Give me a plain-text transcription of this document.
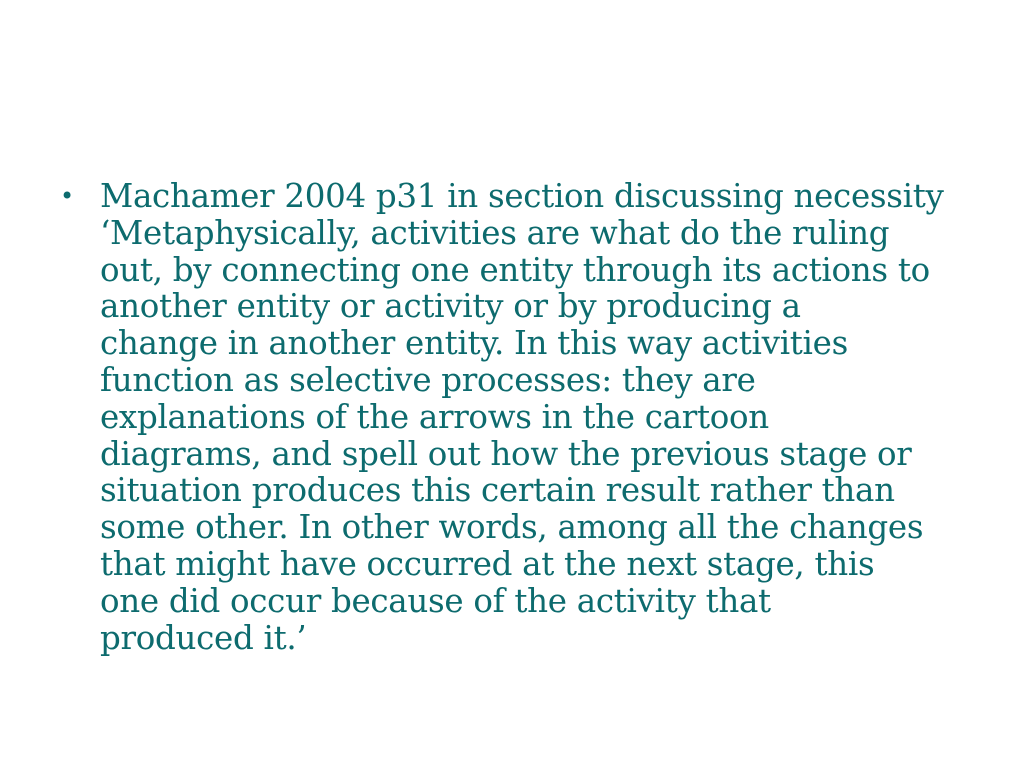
• Machamer 2004 p31 in section discussing necessity
‘Metaphysically, activities are what do the ruling
out, by connecting one entity through its actions to
another entity or activity or by producing a
change in another entity. In this way activities
function as selective processes: they are
explanations of the arrows in the cartoon
diagrams, and spell out how the previous stage or
situation produces this certain result rather than
some other. In other words, among all the changes
that might have occurred at the next stage, this
one did occur because of the activity that
produced it.’
